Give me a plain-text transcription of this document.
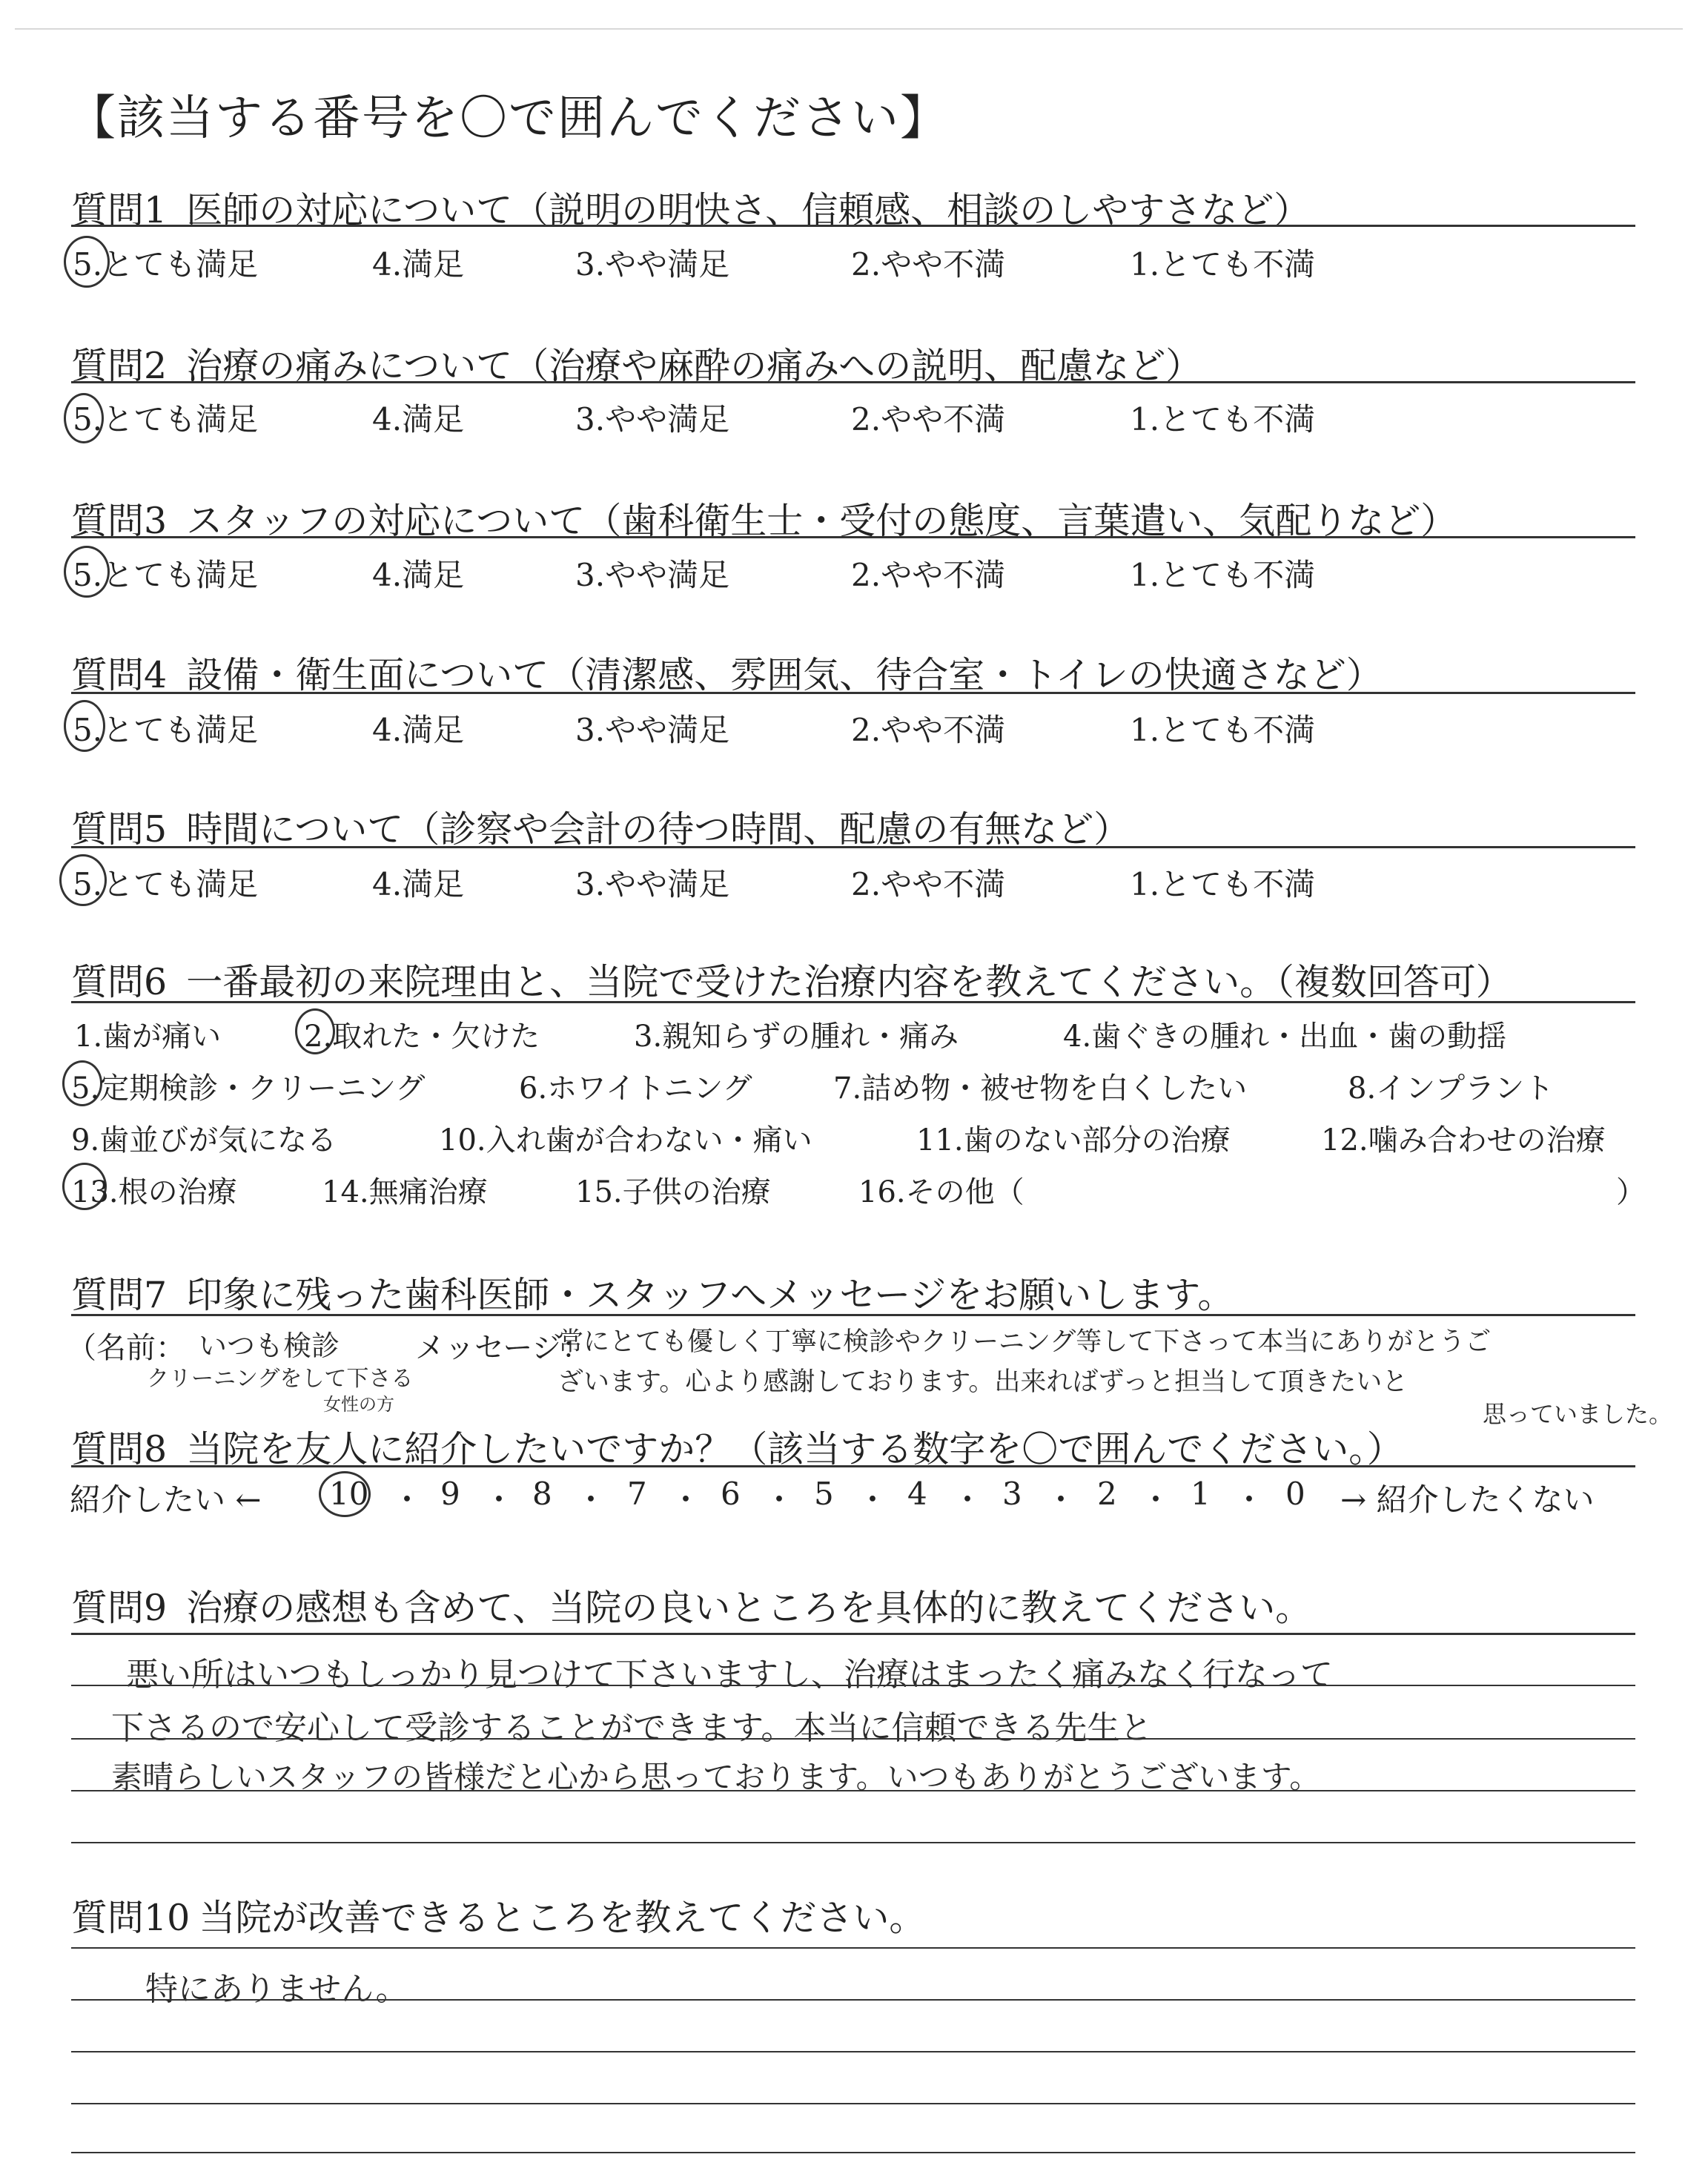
【該当する番号を〇で囲んでください】
質問1 医師の対応について（説明の明快さ、信頼感、相談のしやすさなど）
5.とても満足	4.満足	3.やや満足	2.やや不満	1.とても不満
質問2 治療の痛みについて（治療や麻酔の痛みへの説明、配慮など）
5.とても満足	4.満足	3.やや満足	2.やや不満	1.とても不満
質問3 スタッフの対応について（歯科衛生士・受付の態度、言葉遣い、気配りなど）
5.とても満足	4.満足	3.やや満足	2.やや不満	1.とても不満
質問4 設備・衛生面について（清潔感、雰囲気、待合室・トイレの快適さなど）
5.とても満足	4.満足	3.やや満足	2.やや不満	1.とても不満
質問5 時間について（診察や会計の待つ時間、配慮の有無など）
5.とても満足	4.満足	3.やや満足	2.やや不満	1.とても不満
質問6 一番最初の来院理由と、当院で受けた治療内容を教えてください。（複数回答可）
1.歯が痛い	2.取れた・欠けた	3.親知らずの腫れ・痛み	4.歯ぐきの腫れ・出血・歯の動揺
5.定期検診・クリーニング	6.ホワイトニング	7.詰め物・被せ物を白くしたい	8.インプラント
9.歯並びが気になる	10.入れ歯が合わない・痛い	11.歯のない部分の治療	12.噛み合わせの治療
13.根の治療	14.無痛治療	15.子供の治療	16.その他（	）
質問7 印象に残った歯科医師・スタッフへメッセージをお願いします。
（名前： いつも検診
クリーニングをして下さる
女性の方
メッセージ：
常にとても優しく丁寧に検診やクリーニング等して下さって本当にありがとうご
ざいます。心より感謝しております。出来ればずっと担当して頂きたいと
思っていました。
質問8 当院を友人に紹介したいですか？（該当する数字を〇で囲んでください。）
紹介したい ← 10 ・ 9 ・ 8 ・ 7 ・ 6 ・ 5 ・ 4 ・ 3 ・ 2 ・ 1 ・ 0 → 紹介したくない
質問9 治療の感想も含めて、当院の良いところを具体的に教えてください。
悪い所はいつもしっかり見つけて下さいますし、治療はまったく痛みなく行なって
下さるので安心して受診することができます。本当に信頼できる先生と
素晴らしいスタッフの皆様だと心から思っております。いつもありがとうございます。
質問10 当院が改善できるところを教えてください。
特にありません。
